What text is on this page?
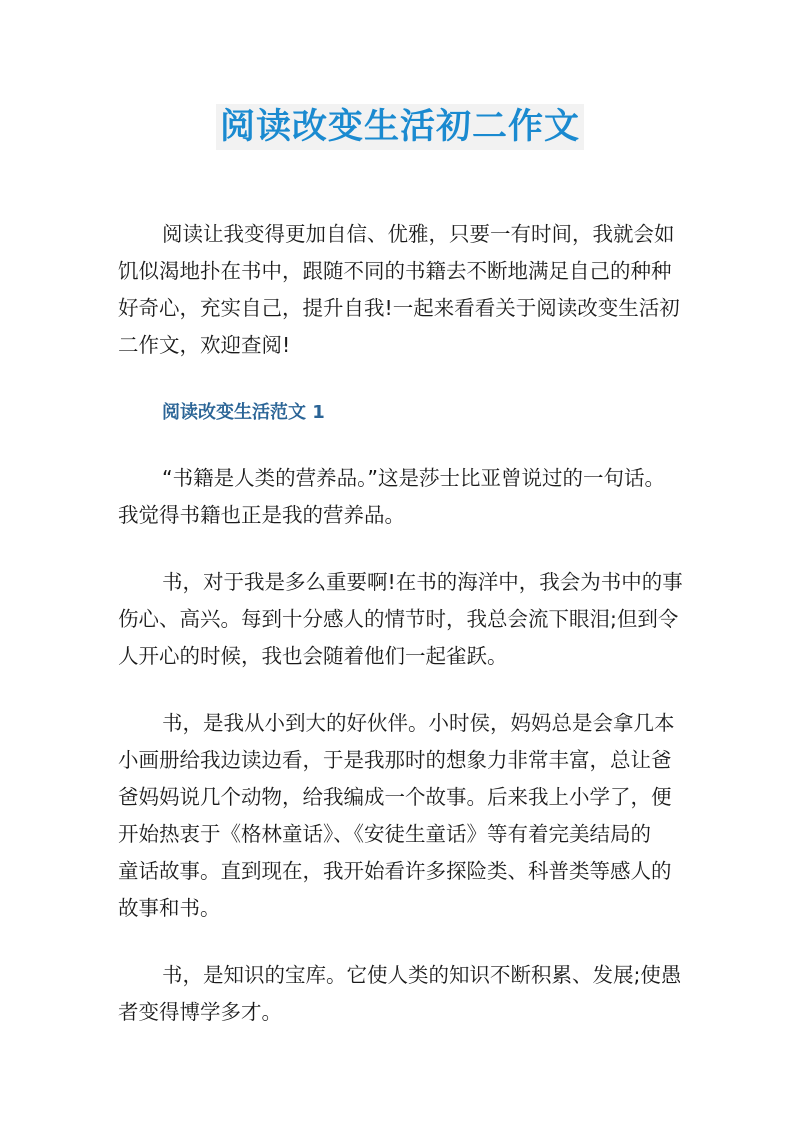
阅读改变生活初二作文

阅读让我变得更加自信、优雅，只要一有时间，我就会如
饥似渴地扑在书中，跟随不同的书籍去不断地满足自己的种种
好奇心，充实自己，提升自我!一起来看看关于阅读改变生活初
二作文，欢迎查阅!

阅读改变生活范文 1

“书籍是人类的营养品。”这是莎士比亚曾说过的一句话。
我觉得书籍也正是我的营养品。

书，对于我是多么重要啊!在书的海洋中，我会为书中的事
伤心、高兴。每到十分感人的情节时，我总会流下眼泪;但到令
人开心的时候，我也会随着他们一起雀跃。

书，是我从小到大的好伙伴。小时侯，妈妈总是会拿几本
小画册给我边读边看，于是我那时的想象力非常丰富，总让爸
爸妈妈说几个动物，给我编成一个故事。后来我上小学了，便
开始热衷于《格林童话》、《安徒生童话》等有着完美结局的
童话故事。直到现在，我开始看许多探险类、科普类等感人的
故事和书。

书，是知识的宝库。它使人类的知识不断积累、发展;使愚
者变得博学多才。
